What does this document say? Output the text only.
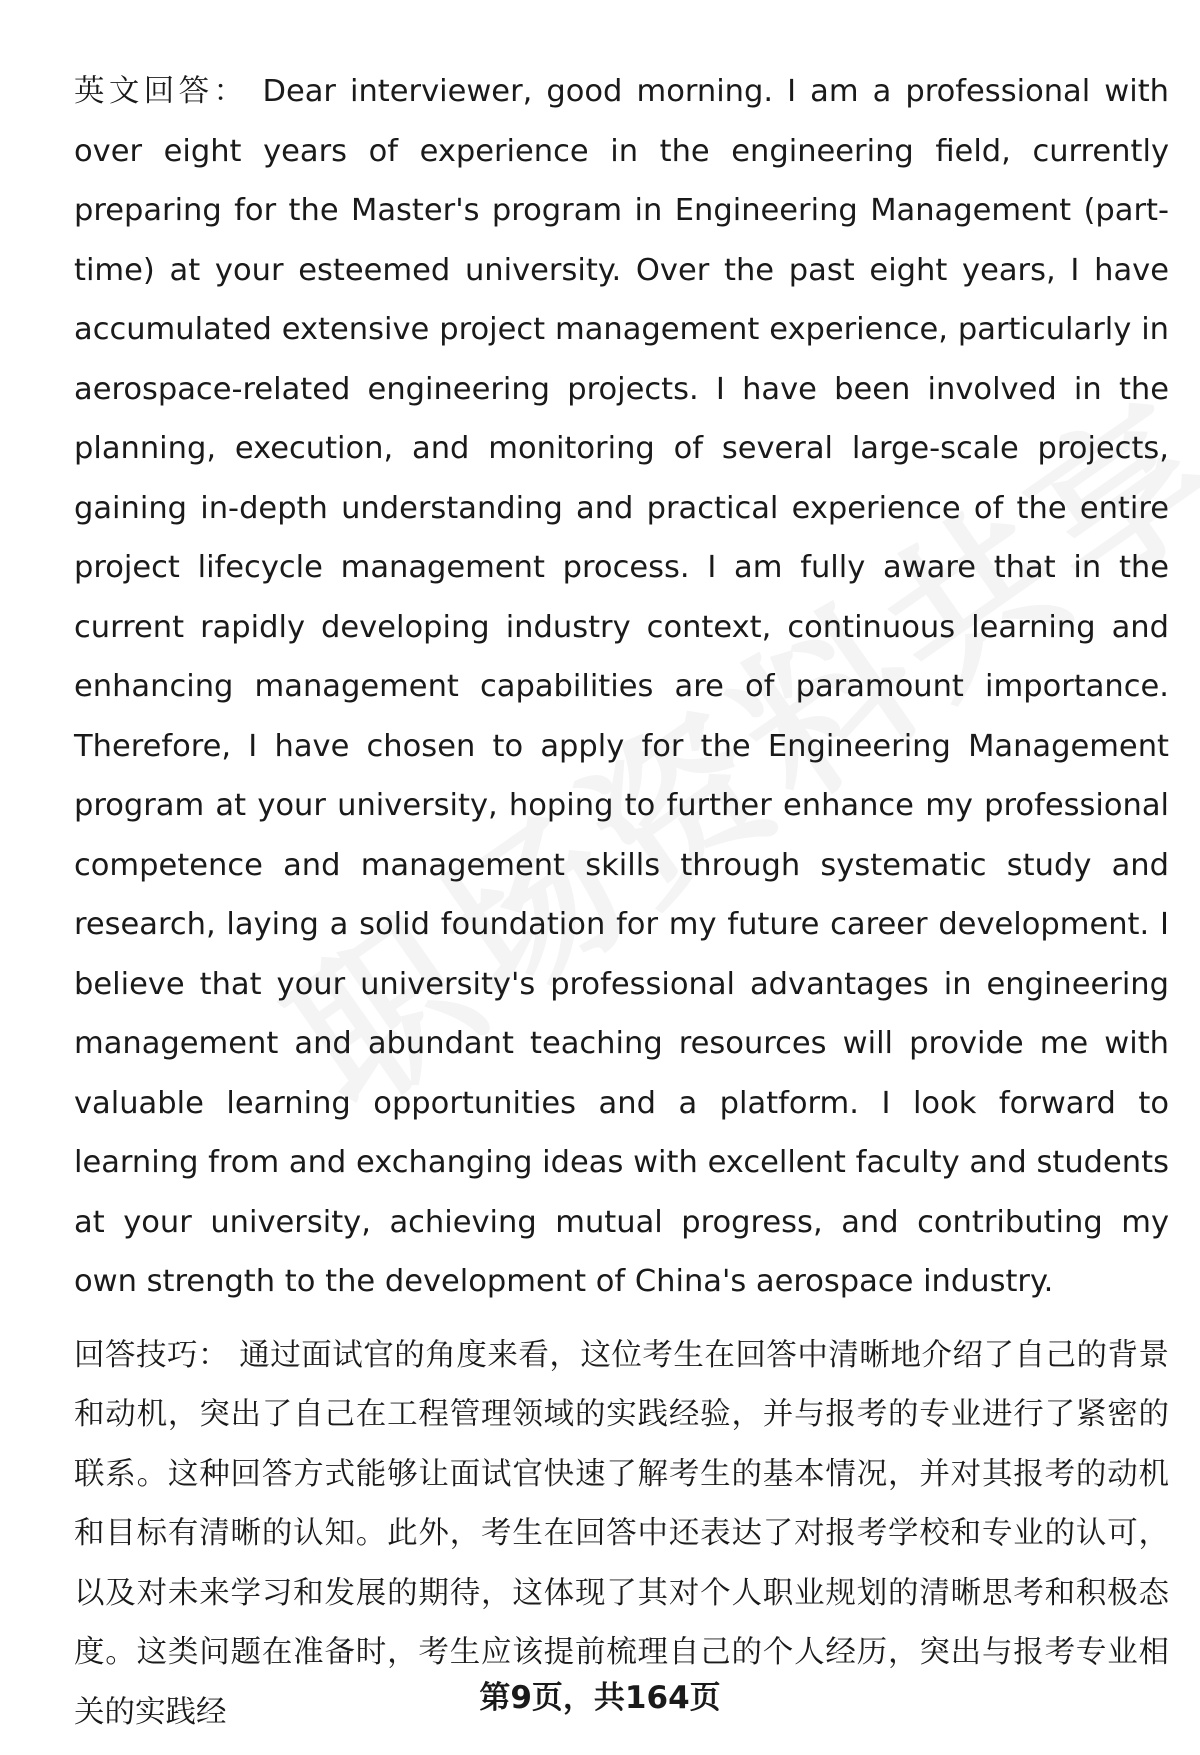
英文回答： Dear interviewer, good morning. I am a professional with over eight years of experience in the engineering field, currently preparing for the Master's program in Engineering Management (part-time) at your esteemed university. Over the past eight years, I have accumulated extensive project management experience, particularly in aerospace-related engineering projects. I have been involved in the planning, execution, and monitoring of several large-scale projects, gaining in-depth understanding and practical experience of the entire project lifecycle management process. I am fully aware that in the current rapidly developing industry context, continuous learning and enhancing management capabilities are of paramount importance. Therefore, I have chosen to apply for the Engineering Management program at your university, hoping to further enhance my professional competence and management skills through systematic study and research, laying a solid foundation for my future career development. I believe that your university's professional advantages in engineering management and abundant teaching resources will provide me with valuable learning opportunities and a platform. I look forward to learning from and exchanging ideas with excellent faculty and students at your university, achieving mutual progress, and contributing my own strength to the development of China's aerospace industry.

回答技巧： 通过面试官的角度来看，这位考生在回答中清晰地介绍了自己的背景和动机，突出了自己在工程管理领域的实践经验，并与报考的专业进行了紧密的联系。这种回答方式能够让面试官快速了解考生的基本情况，并对其报考的动机和目标有清晰的认知。此外，考生在回答中还表达了对报考学校和专业的认可，以及对未来学习和发展的期待，这体现了其对个人职业规划的清晰思考和积极态度。这类问题在准备时，考生应该提前梳理自己的个人经历，突出与报考专业相关的实践经	第9页，共164页
